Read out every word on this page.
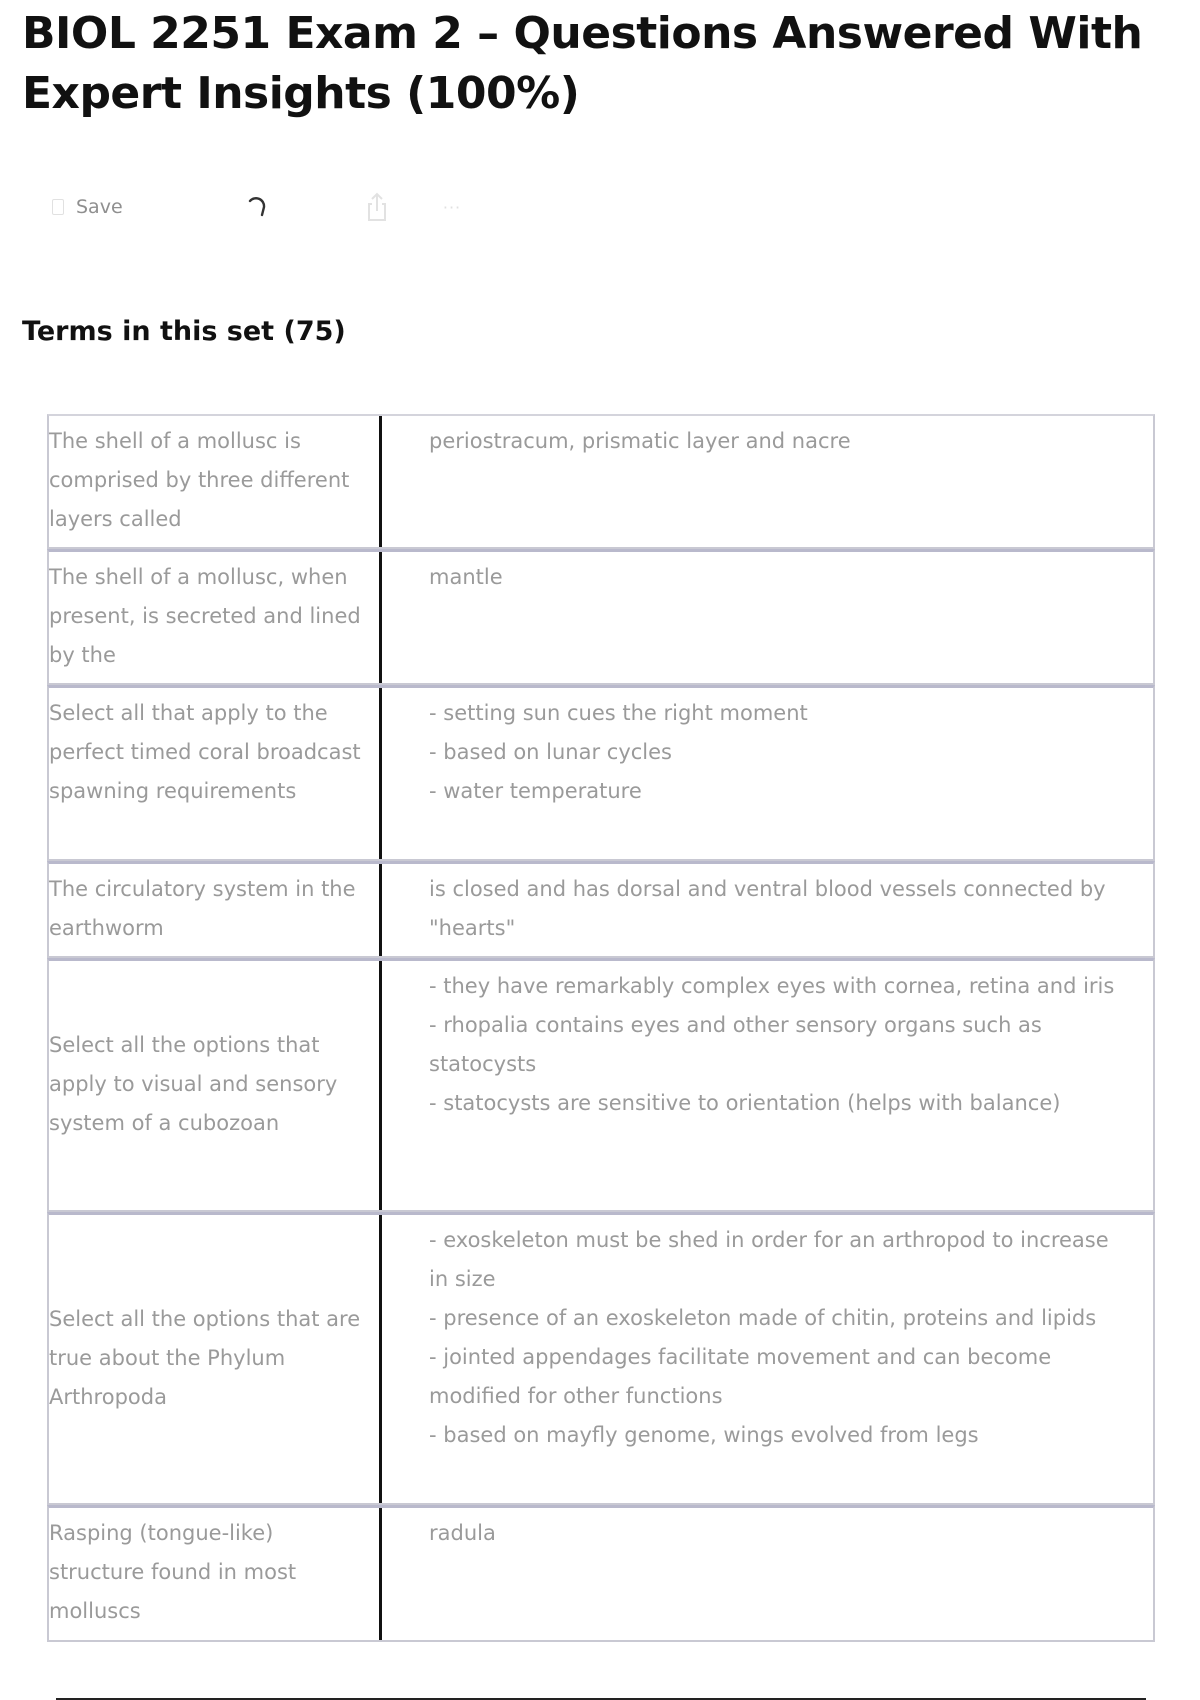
BIOL 2251 Exam 2 – Questions Answered With Expert Insights (100%)
Save	···
Terms in this set (75)
The shell of a mollusc is comprised by three different layers called
periostracum, prismatic layer and nacre
The shell of a mollusc, when present, is secreted and lined by the
mantle
Select all that apply to the perfect timed coral broadcast spawning requirements
- setting sun cues the right moment
- based on lunar cycles
- water temperature
The circulatory system in the earthworm
is closed and has dorsal and ventral blood vessels connected by "hearts"
Select all the options that apply to visual and sensory system of a cubozoan
- they have remarkably complex eyes with cornea, retina and iris
- rhopalia contains eyes and other sensory organs such as statocysts
- statocysts are sensitive to orientation (helps with balance)
Select all the options that are true about the Phylum Arthropoda
- exoskeleton must be shed in order for an arthropod to increase in size
- presence of an exoskeleton made of chitin, proteins and lipids
- jointed appendages facilitate movement and can become modified for other functions
- based on mayfly genome, wings evolved from legs
Rasping (tongue-like) structure found in most molluscs
radula
